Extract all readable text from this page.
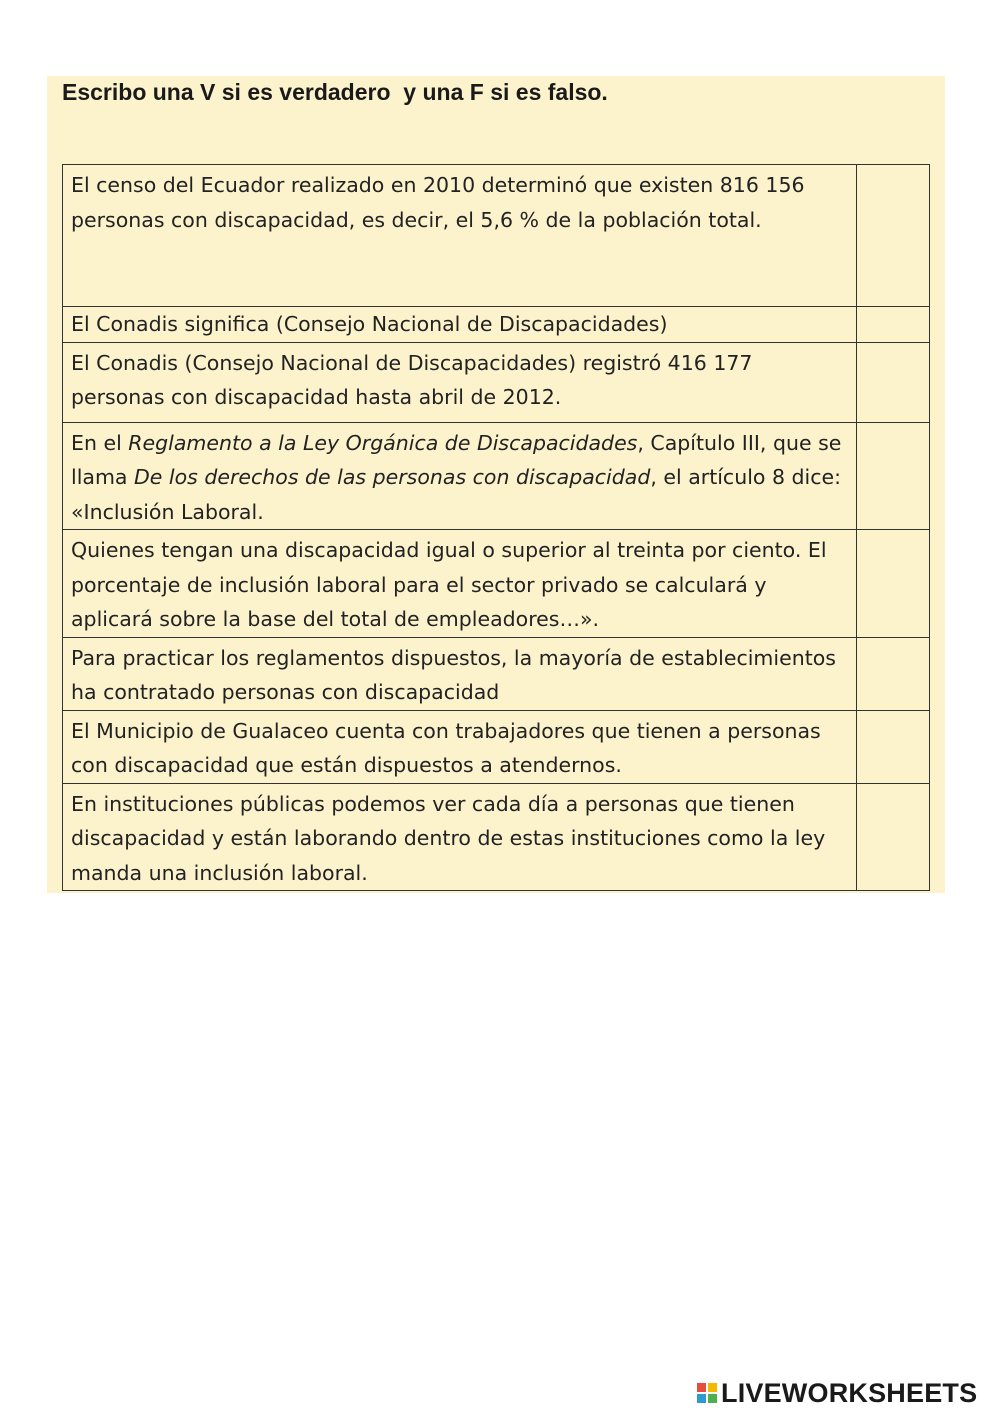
Escribo una V si es verdadero  y una F si es falso.
El censo del Ecuador realizado en 2010 determinó que existen 816 156 personas con discapacidad, es decir, el 5,6 % de la población total.	
El Conadis significa (Consejo Nacional de Discapacidades)	
El Conadis (Consejo Nacional de Discapacidades) registró 416 177 personas con discapacidad hasta abril de 2012.	
En el Reglamento a la Ley Orgánica de Discapacidades, Capítulo III, que se llama De los derechos de las personas con discapacidad, el artículo 8 dice: «Inclusión Laboral.	
Quienes tengan una discapacidad igual o superior al treinta por ciento. El porcentaje de inclusión laboral para el sector privado se calculará y aplicará sobre la base del total de empleadores…».	
Para practicar los reglamentos dispuestos, la mayoría de establecimientos ha contratado personas con discapacidad	
El Municipio de Gualaceo cuenta con trabajadores que tienen a personas con discapacidad que están dispuestos a atendernos.	
En instituciones públicas podemos ver cada día a personas que tienen discapacidad y están laborando dentro de estas instituciones como la ley manda una inclusión laboral.	
LIVEWORKSHEETS
